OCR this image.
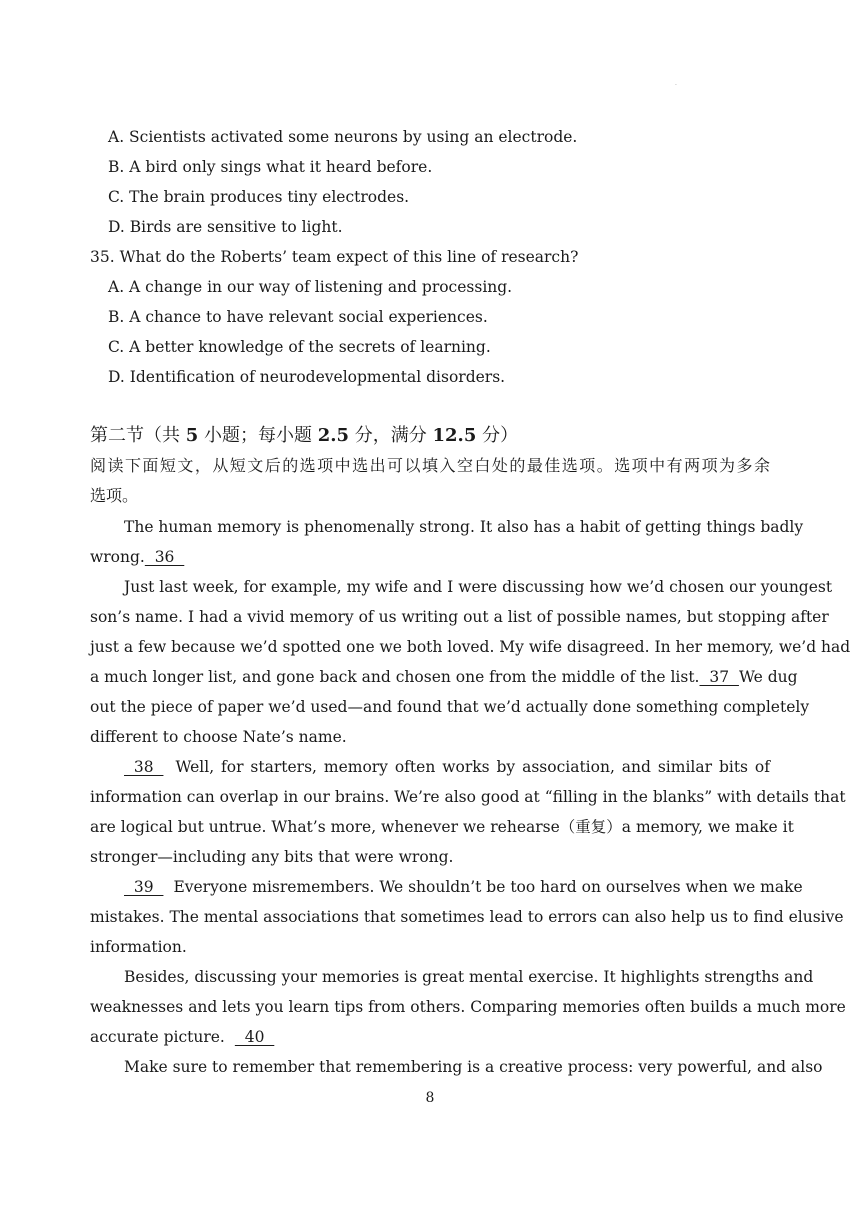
.
A. Scientists activated some neurons by using an electrode.
B. A bird only sings what it heard before.
C. The brain produces tiny electrodes.
D. Birds are sensitive to light.
35. What do the Roberts’ team expect of this line of research?
A. A change in our way of listening and processing.
B. A chance to have relevant social experiences.
C. A better knowledge of the secrets of learning.
D. Identification of neurodevelopmental disorders.
第二节（共 5 小题；每小题 2.5 分，满分 12.5 分）
阅读下面短文，从短文后的选项中选出可以填入空白处的最佳选项。选项中有两项为多余
选项。
The human memory is phenomenally strong. It also has a habit of getting things badly
wrong.  36
Just last week, for example, my wife and I were discussing how we’d chosen our youngest
son’s name. I had a vivid memory of us writing out a list of possible names, but stopping after
just a few because we’d spotted one we both loved. My wife disagreed. In her memory, we’d had
a much longer list, and gone back and chosen one from the middle of the list. 37 We dug
out the piece of paper we’d used—and found that we’d actually done something completely
different to choose Nate’s name.
38 Well, for starters, memory often works by association, and similar bits of
information can overlap in our brains. We’re also good at “filling in the blanks” with details that
are logical but untrue. What’s more, whenever we rehearse（重复）a memory, we make it
stronger—including any bits that were wrong.
39 Everyone misremembers. We shouldn’t be too hard on ourselves when we make
mistakes. The mental associations that sometimes lead to errors can also help us to find elusive
information.
Besides, discussing your memories is great mental exercise. It highlights strengths and
weaknesses and lets you learn tips from others. Comparing memories often builds a much more
accurate picture.  40
Make sure to remember that remembering is a creative process: very powerful, and also
8
